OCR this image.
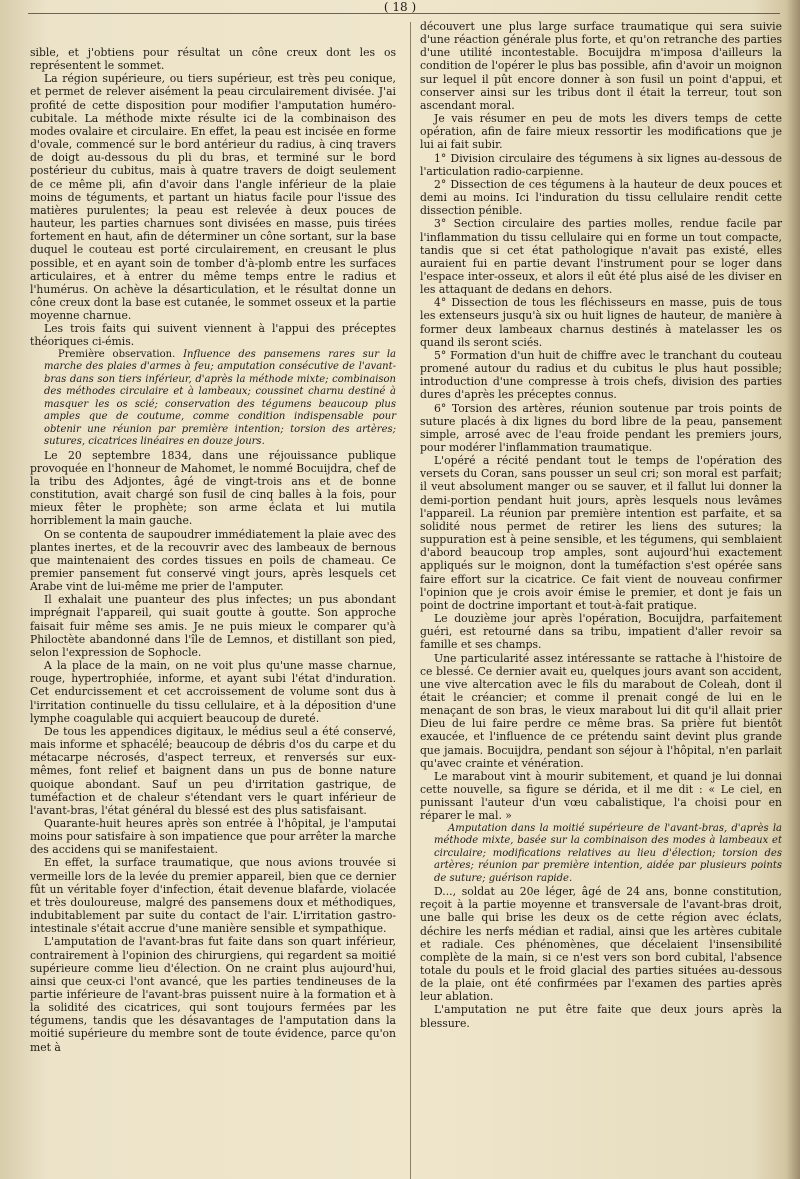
( 18 )

sible, et j'obtiens pour résultat un cône creux dont les os représentent le sommet.

La région supérieure, ou tiers supérieur, est très peu conique, et permet de relever aisément la peau circulairement divisée. J'ai profité de cette disposition pour modifier l'amputation huméro-cubitale. La méthode mixte résulte ici de la combinaison des modes ovalaire et circulaire. En effet, la peau est incisée en forme d'ovale, commencé sur le bord antérieur du radius, à cinq travers de doigt au-dessous du pli du bras, et terminé sur le bord postérieur du cubitus, mais à quatre travers de doigt seulement de ce même pli, afin d'avoir dans l'angle inférieur de la plaie moins de téguments, et partant un hiatus facile pour l'issue des matières purulentes; la peau est relevée à deux pouces de hauteur, les parties charnues sont divisées en masse, puis tirées fortement en haut, afin de déterminer un cône sortant, sur la base duquel le couteau est porté circulairement, en creusant le plus possible, et en ayant soin de tomber d'à-plomb entre les surfaces articulaires, et à entrer du même temps entre le radius et l'humérus. On achève la désarticulation, et le résultat donne un cône creux dont la base est cutanée, le sommet osseux et la partie moyenne charnue.

Les trois faits qui suivent viennent à l'appui des préceptes théoriques ci-émis.

Première observation. Influence des pansemens rares sur la marche des plaies d'armes à feu; amputation consécutive de l'avant-bras dans son tiers inférieur, d'après la méthode mixte; combinaison des méthodes circulaire et à lambeaux; coussinet charnu destiné à masquer les os scié; conservation des tégumens beaucoup plus amples que de coutume, comme condition indispensable pour obtenir une réunion par première intention; torsion des artères; sutures, cicatrices linéaires en douze jours.

Le 20 septembre 1834, dans une réjouissance publique provoquée en l'honneur de Mahomet, le nommé Bocuijdra, chef de la tribu des Adjontes, âgé de vingt-trois ans et de bonne constitution, avait chargé son fusil de cinq balles à la fois, pour mieux fêter le prophète; son arme éclata et lui mutila horriblement la main gauche.

On se contenta de saupoudrer immédiatement la plaie avec des plantes inertes, et de la recouvrir avec des lambeaux de bernous que maintenaient des cordes tissues en poils de chameau. Ce premier pansement fut conservé vingt jours, après lesquels cet Arabe vint de lui-même me prier de l'amputer.

Il exhalait une puanteur des plus infectes; un pus abondant imprégnait l'appareil, qui suait goutte à goutte. Son approche faisait fuir même ses amis. Je ne puis mieux le comparer qu'à Philoctète abandonné dans l'île de Lemnos, et distillant son pied, selon l'expression de Sophocle.

A la place de la main, on ne voit plus qu'une masse charnue, rouge, hypertrophiée, informe, et ayant subi l'état d'induration. Cet endurcissement et cet accroissement de volume sont dus à l'irritation continuelle du tissu cellulaire, et à la déposition d'une lymphe coagulable qui acquiert beaucoup de dureté.

De tous les appendices digitaux, le médius seul a été conservé, mais informe et sphacélé; beaucoup de débris d'os du carpe et du métacarpe nécrosés, d'aspect terreux, et renversés sur eux-mêmes, font relief et baignent dans un pus de bonne nature quoique abondant. Sauf un peu d'irritation gastrique, de tuméfaction et de chaleur s'étendant vers le quart inférieur de l'avant-bras, l'état général du blessé est des plus satisfaisant.

Quarante-huit heures après son entrée à l'hôpital, je l'amputai moins pour satisfaire à son impatience que pour arrêter la marche des accidens qui se manifestaient.

En effet, la surface traumatique, que nous avions trouvée si vermeille lors de la levée du premier appareil, bien que ce dernier fût un véritable foyer d'infection, était devenue blafarde, violacée et très douloureuse, malgré des pansemens doux et méthodiques, indubitablement par suite du contact de l'air. L'irritation gastro-intestinale s'était accrue d'une manière sensible et sympathique.

L'amputation de l'avant-bras fut faite dans son quart inférieur, contrairement à l'opinion des chirurgiens, qui regardent sa moitié supérieure comme lieu d'élection. On ne craint plus aujourd'hui, ainsi que ceux-ci l'ont avancé, que les parties tendineuses de la partie inférieure de l'avant-bras puissent nuire à la formation et à la solidité des cicatrices, qui sont toujours fermées par les tégumens, tandis que les désavantages de l'amputation dans la moitié supérieure du membre sont de toute évidence, parce qu'on met à

découvert une plus large surface traumatique qui sera suivie d'une réaction générale plus forte, et qu'on retranche des parties d'une utilité incontestable. Bocuijdra m'imposa d'ailleurs la condition de l'opérer le plus bas possible, afin d'avoir un moignon sur lequel il pût encore donner à son fusil un point d'appui, et conserver ainsi sur les tribus dont il était la terreur, tout son ascendant moral.

Je vais résumer en peu de mots les divers temps de cette opération, afin de faire mieux ressortir les modifications que je lui ai fait subir.

1° Division circulaire des tégumens à six lignes au-dessous de l'articulation radio-carpienne.

2° Dissection de ces tégumens à la hauteur de deux pouces et demi au moins. Ici l'induration du tissu cellulaire rendit cette dissection pénible.

3° Section circulaire des parties molles, rendue facile par l'inflammation du tissu cellulaire qui en forme un tout compacte, tandis que si cet état pathologique n'avait pas existé, elles auraient fui en partie devant l'instrument pour se loger dans l'espace inter-osseux, et alors il eût été plus aisé de les diviser en les attaquant de dedans en dehors.

4° Dissection de tous les fléchisseurs en masse, puis de tous les extenseurs jusqu'à six ou huit lignes de hauteur, de manière à former deux lambeaux charnus destinés à matelasser les os quand ils seront sciés.

5° Formation d'un huit de chiffre avec le tranchant du couteau promené autour du radius et du cubitus le plus haut possible; introduction d'une compresse à trois chefs, division des parties dures d'après les préceptes connus.

6° Torsion des artères, réunion soutenue par trois points de suture placés à dix lignes du bord libre de la peau, pansement simple, arrosé avec de l'eau froide pendant les premiers jours, pour modérer l'inflammation traumatique.

L'opéré a récité pendant tout le temps de l'opération des versets du Coran, sans pousser un seul cri; son moral est parfait; il veut absolument manger ou se sauver, et il fallut lui donner la demi-portion pendant huit jours, après lesquels nous levâmes l'appareil. La réunion par première intention est parfaite, et sa solidité nous permet de retirer les liens des sutures; la suppuration est à peine sensible, et les tégumens, qui semblaient d'abord beaucoup trop amples, sont aujourd'hui exactement appliqués sur le moignon, dont la tuméfaction s'est opérée sans faire effort sur la cicatrice. Ce fait vient de nouveau confirmer l'opinion que je crois avoir émise le premier, et dont je fais un point de doctrine important et tout-à-fait pratique.

Le douzième jour après l'opération, Bocuijdra, parfaitement guéri, est retourné dans sa tribu, impatient d'aller revoir sa famille et ses champs.

Une particularité assez intéressante se rattache à l'histoire de ce blessé. Ce dernier avait eu, quelques jours avant son accident, une vive altercation avec le fils du marabout de Coleah, dont il était le créancier; et comme il prenait congé de lui en le menaçant de son bras, le vieux marabout lui dit qu'il allait prier Dieu de lui faire perdre ce même bras. Sa prière fut bientôt exaucée, et l'influence de ce prétendu saint devint plus grande que jamais. Bocuijdra, pendant son séjour à l'hôpital, n'en parlait qu'avec crainte et vénération.

Le marabout vint à mourir subitement, et quand je lui donnai cette nouvelle, sa figure se dérida, et il me dit : « Le ciel, en punissant l'auteur d'un vœu cabalistique, l'a choisi pour en réparer le mal. »

Amputation dans la moitié supérieure de l'avant-bras, d'après la méthode mixte, basée sur la combinaison des modes à lambeaux et circulaire; modifications relatives au lieu d'élection; torsion des artères; réunion par première intention, aidée par plusieurs points de suture; guérison rapide.

D..., soldat au 20e léger, âgé de 24 ans, bonne constitution, reçoit à la partie moyenne et transversale de l'avant-bras droit, une balle qui brise les deux os de cette région avec éclats, déchire les nerfs médian et radial, ainsi que les artères cubitale et radiale. Ces phénomènes, que décelaient l'insensibilité complète de la main, si ce n'est vers son bord cubital, l'absence totale du pouls et le froid glacial des parties situées au-dessous de la plaie, ont été confirmées par l'examen des parties après leur ablation.

L'amputation ne put être faite que deux jours après la blessure.
